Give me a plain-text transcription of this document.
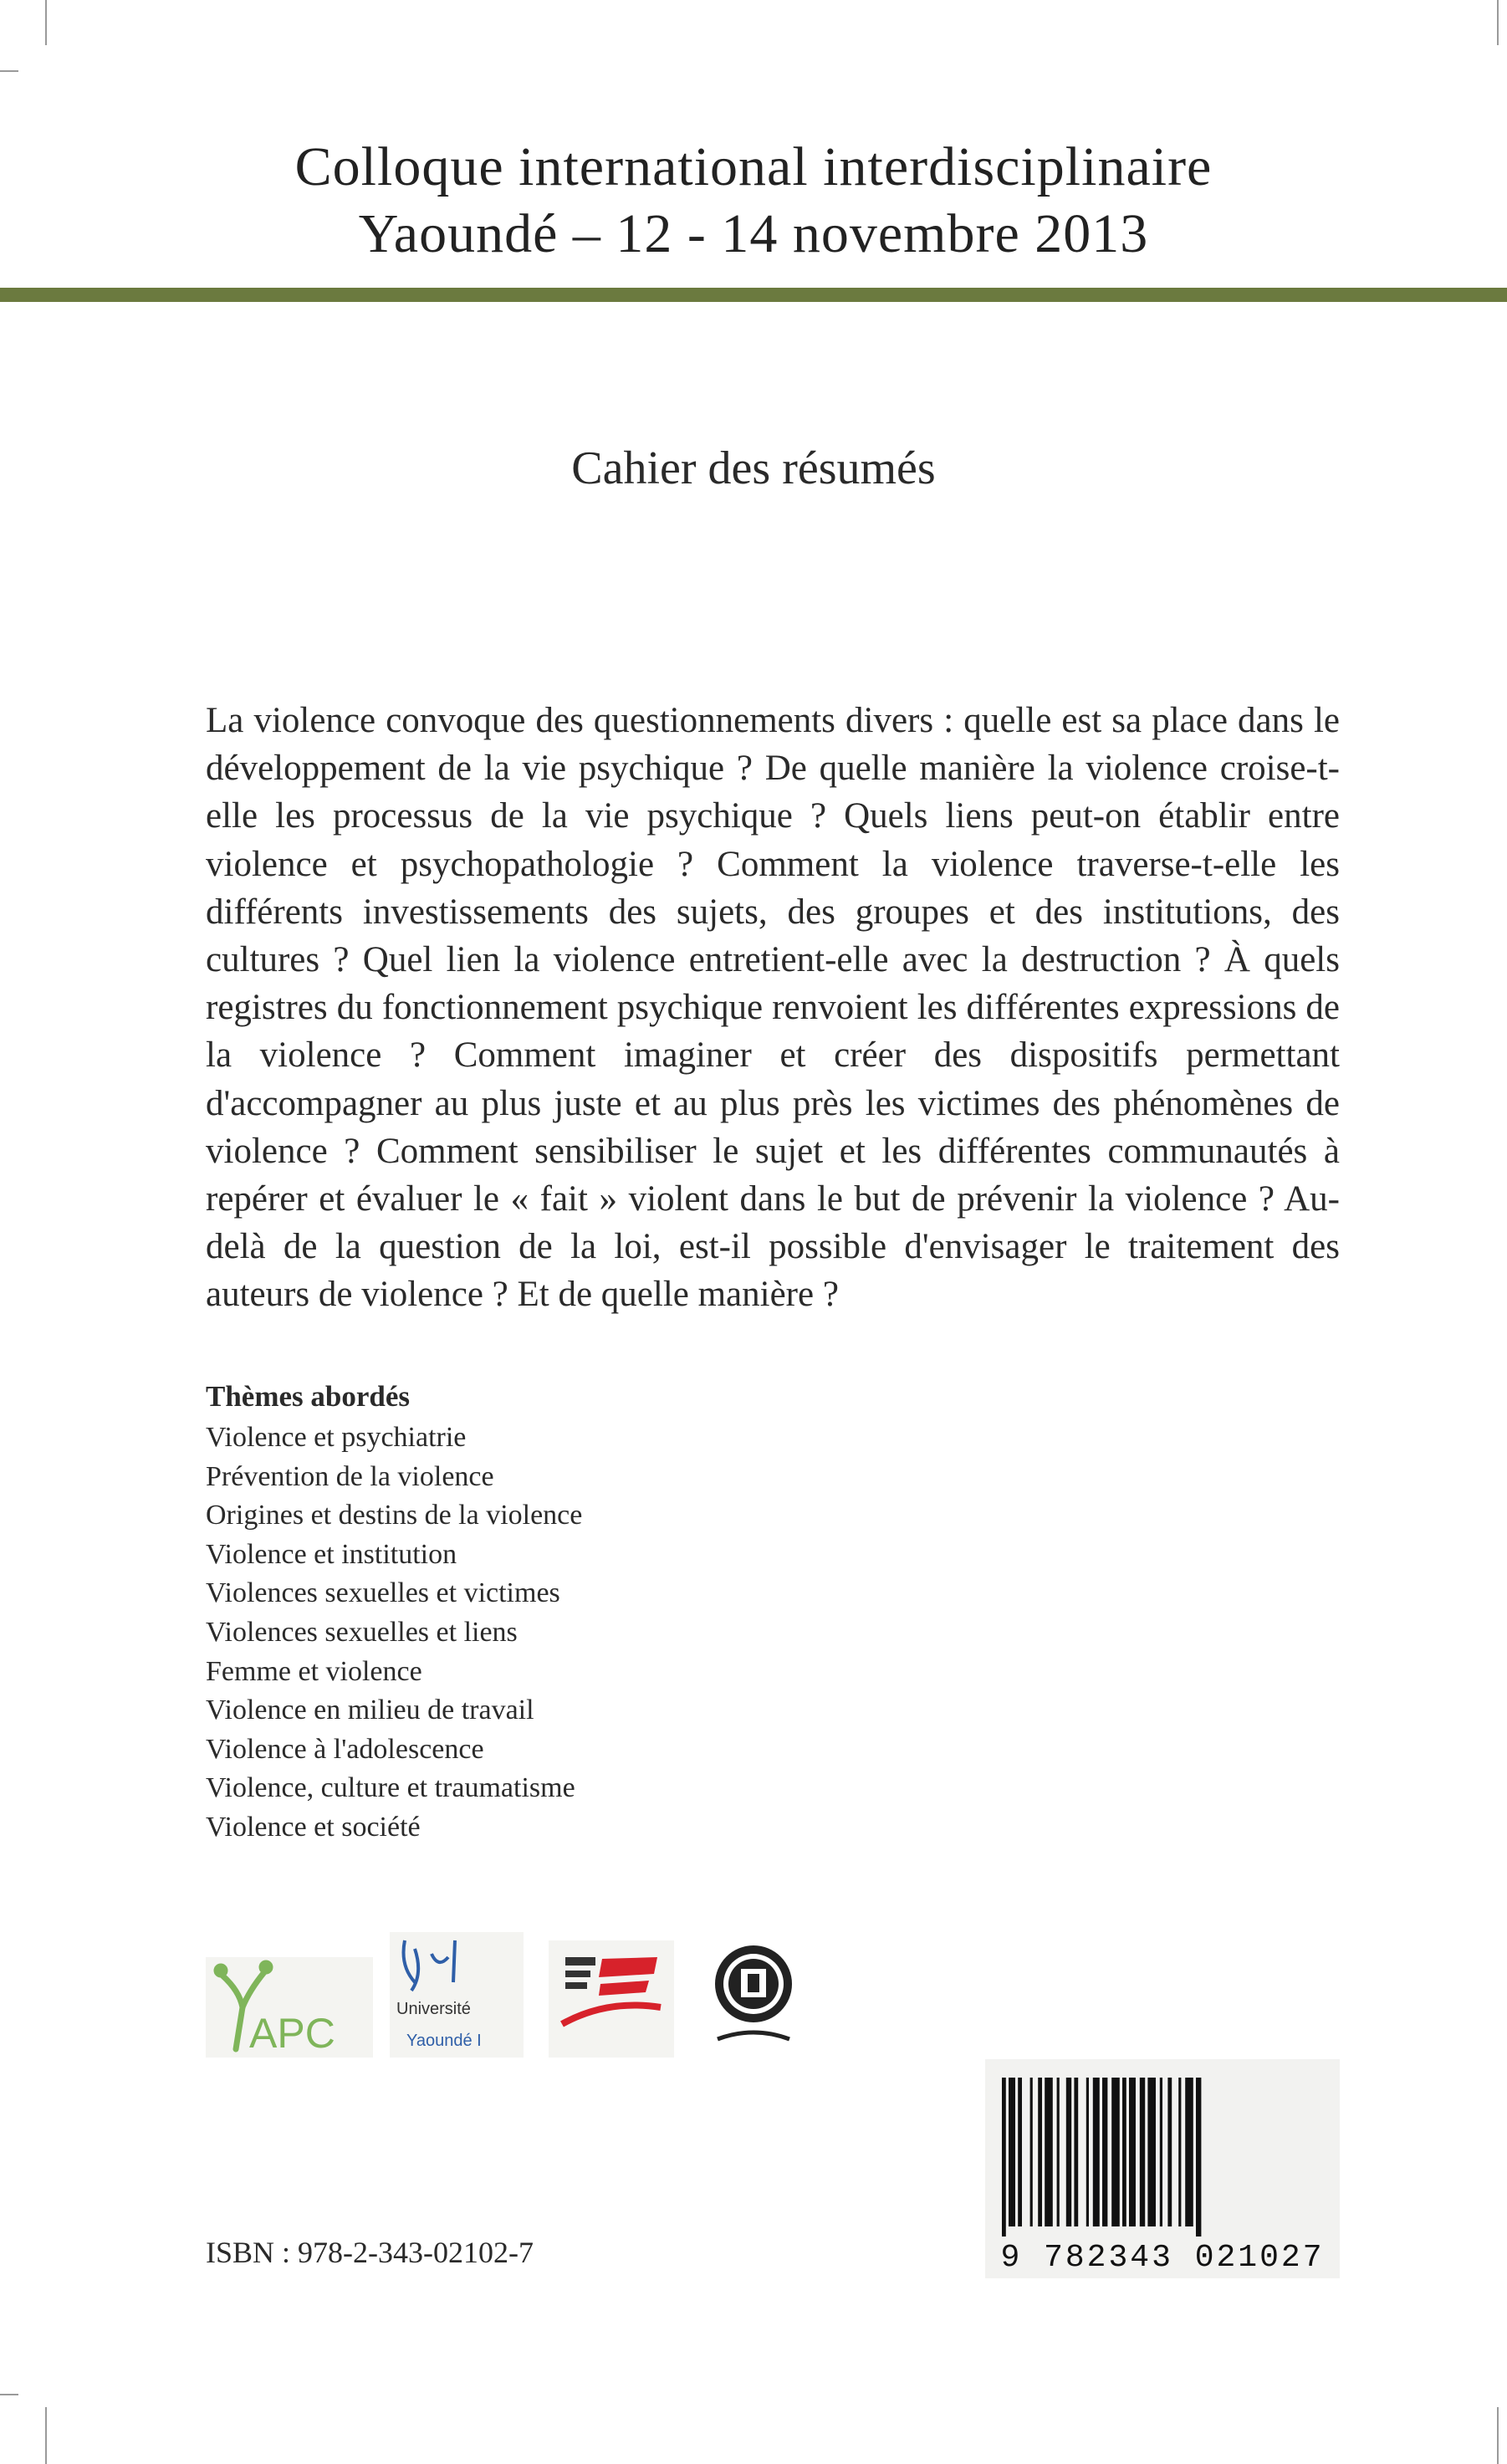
Colloque international interdisciplinaire
Yaoundé – 12 - 14 novembre 2013
Cahier des résumés

La violence convoque des questionnements divers : quelle est sa place dans le développement de la vie psychique ? De quelle manière la violence croise-t-elle les processus de la vie psychique ? Quels liens peut-on établir entre violence et psychopathologie ? Comment la violence traverse-t-elle les différents investissements des sujets, des groupes et des institutions, des cultures ? Quel lien la violence entretient-elle avec la destruction ? À quels registres du fonctionnement psychique renvoient les différentes expressions de la violence ? Comment imaginer et créer des dispositifs permettant d'accompagner au plus juste et au plus près les victimes des phénomènes de violence ? Comment sensibiliser le sujet et les différentes communautés à repérer et évaluer le « fait » violent dans le but de prévenir la violence ? Au-delà de la question de la loi, est-il possible d'envisager le traitement des auteurs de violence ? Et de quelle manière ?

Thèmes abordés
Violence et psychiatrie
Prévention de la violence
Origines et destins de la violence
Violence et institution
Violences sexuelles et victimes
Violences sexuelles et liens
Femme et violence
Violence en milieu de travail
Violence à l'adolescence
Violence, culture et traumatisme
Violence et société
APC
Université
Yaoundé I
9 782343 021027
ISBN : 978-2-343-02102-7
